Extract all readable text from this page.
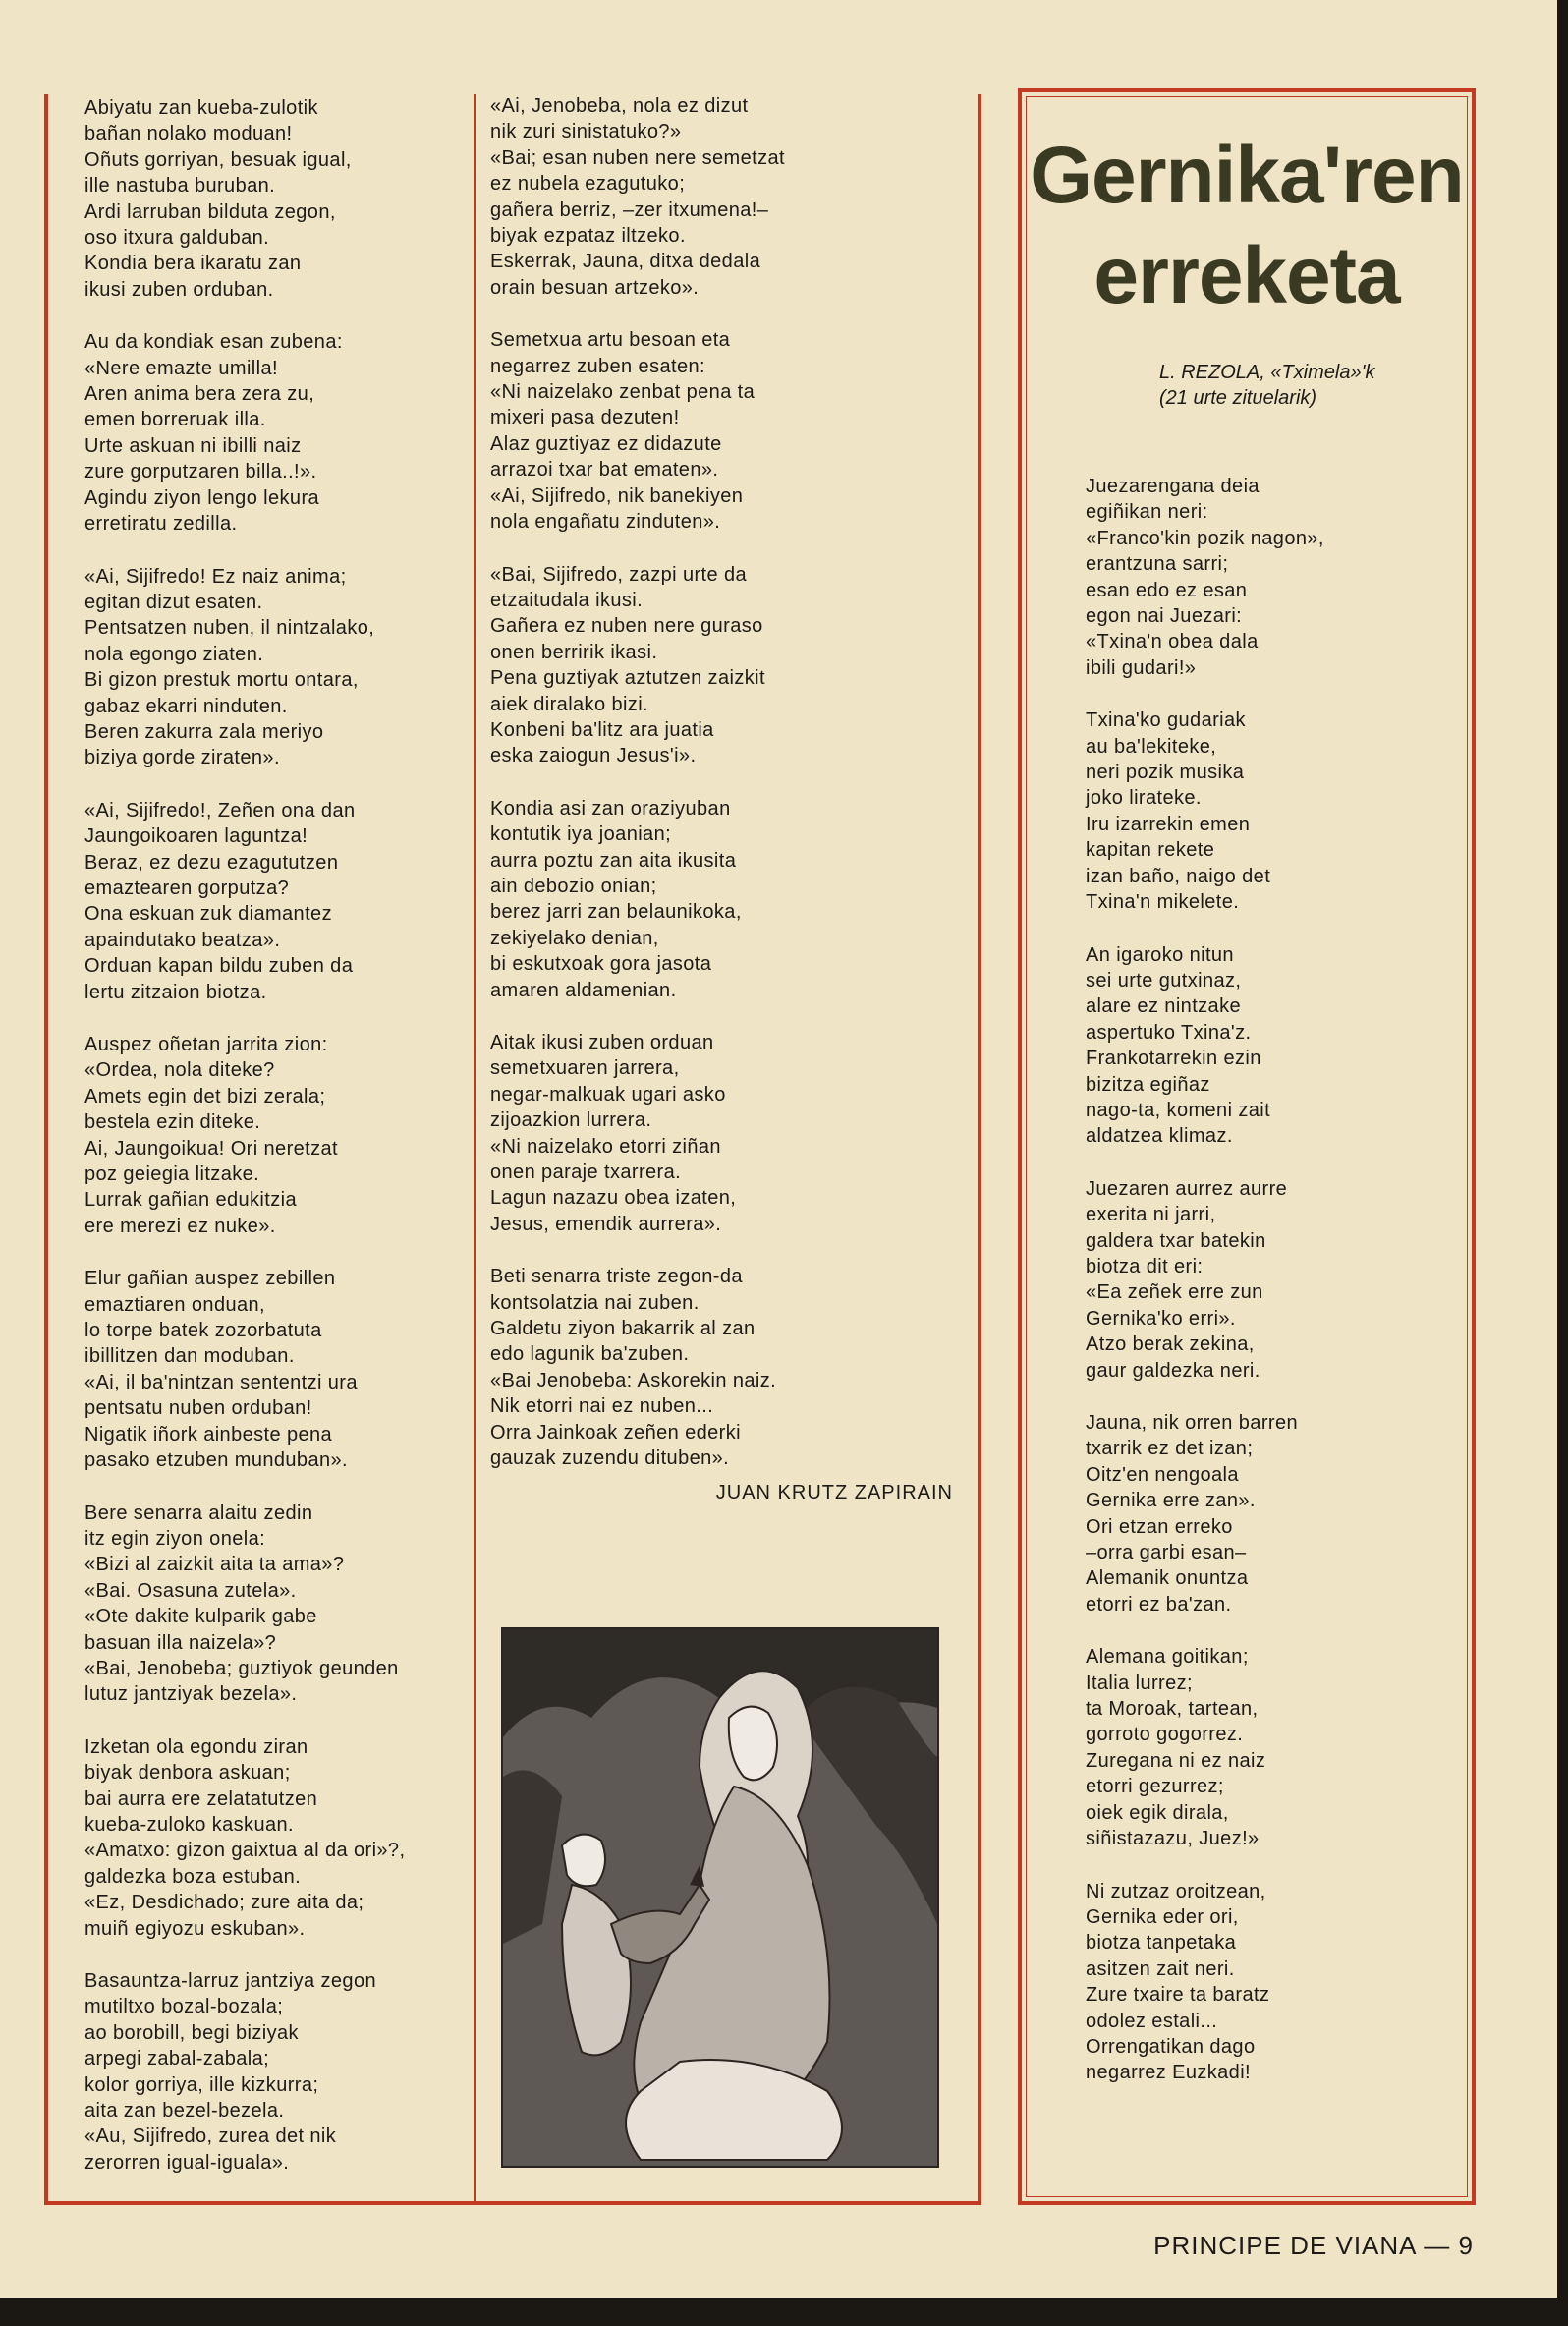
Abiyatu zan kueba-zulotik
bañan nolako moduan!
Oñuts gorriyan, besuak igual,
ille nastuba buruban.
Ardi larruban bilduta zegon,
oso itxura galduban.
Kondia bera ikaratu zan
ikusi zuben orduban.
Au da kondiak esan zubena:
«Nere emazte umilla!
Aren anima bera zera zu,
emen borreruak illa.
Urte askuan ni ibilli naiz
zure gorputzaren billa..!».
Agindu ziyon lengo lekura
erretiratu zedilla.
«Ai, Sijifredo! Ez naiz anima;
egitan dizut esaten.
Pentsatzen nuben, il nintzalako,
nola egongo ziaten.
Bi gizon prestuk mortu ontara,
gabaz ekarri ninduten.
Beren zakurra zala meriyo
biziya gorde ziraten».
«Ai, Sijifredo!, Zeñen ona dan
Jaungoikoaren laguntza!
Beraz, ez dezu ezagututzen
emaztearen gorputza?
Ona eskuan zuk diamantez
apaindutako beatza».
Orduan kapan bildu zuben da
lertu zitzaion biotza.
Auspez oñetan jarrita zion:
«Ordea, nola diteke?
Amets egin det bizi zerala;
bestela ezin diteke.
Ai, Jaungoikua! Ori neretzat
poz geiegia litzake.
Lurrak gañian edukitzia
ere merezi ez nuke».
Elur gañian auspez zebillen
emaztiaren onduan,
lo torpe batek zozorbatuta
ibillitzen dan moduban.
«Ai, il ba'nintzan sententzi ura
pentsatu nuben orduban!
Nigatik iñork ainbeste pena
pasako etzuben munduban».
Bere senarra alaitu zedin
itz egin ziyon onela:
«Bizi al zaizkit aita ta ama»?
«Bai. Osasuna zutela».
«Ote dakite kulparik gabe
basuan illa naizela»?
«Bai, Jenobeba; guztiyok geunden
lutuz jantziyak bezela».
Izketan ola egondu ziran
biyak denbora askuan;
bai aurra ere zelatatutzen
kueba-zuloko kaskuan.
«Amatxo: gizon gaixtua al da ori»?,
galdezka boza estuban.
«Ez, Desdichado; zure aita da;
muiñ egiyozu eskuban».
Basauntza-larruz jantziya zegon
mutiltxo bozal-bozala;
ao borobill, begi biziyak
arpegi zabal-zabala;
kolor gorriya, ille kizkurra;
aita zan bezel-bezela.
«Au, Sijifredo, zurea det nik
zerorren igual-iguala».
«Ai, Jenobeba, nola ez dizut
nik zuri sinistatuko?»
«Bai; esan nuben nere semetzat
ez nubela ezagutuko;
gañera berriz, –zer itxumena!–
biyak ezpataz iltzeko.
Eskerrak, Jauna, ditxa dedala
orain besuan artzeko».
Semetxua artu besoan eta
negarrez zuben esaten:
«Ni naizelako zenbat pena ta
mixeri pasa dezuten!
Alaz guztiyaz ez didazute
arrazoi txar bat ematen».
«Ai, Sijifredo, nik banekiyen
nola engañatu zinduten».
«Bai, Sijifredo, zazpi urte da
etzaitudala ikusi.
Gañera ez nuben nere guraso
onen berririk ikasi.
Pena guztiyak aztutzen zaizkit
aiek diralako bizi.
Konbeni ba'litz ara juatia
eska zaiogun Jesus'i».
Kondia asi zan oraziyuban
kontutik iya joanian;
aurra poztu zan aita ikusita
ain debozio onian;
berez jarri zan belaunikoka,
zekiyelako denian,
bi eskutxoak gora jasota
amaren aldamenian.
Aitak ikusi zuben orduan
semetxuaren jarrera,
negar-malkuak ugari asko
zijoazkion lurrera.
«Ni naizelako etorri ziñan
onen paraje txarrera.
Lagun nazazu obea izaten,
Jesus, emendik aurrera».
Beti senarra triste zegon-da
kontsolatzia nai zuben.
Galdetu ziyon bakarrik al zan
edo lagunik ba'zuben.
«Bai Jenobeba: Askorekin naiz.
Nik etorri nai ez nuben...
Orra Jainkoak zeñen ederki
gauzak zuzendu dituben».
JUAN KRUTZ ZAPIRAIN
Gernika'ren
erreketa
L. REZOLA, «Tximela»'k
(21 urte zituelarik)
Juezarengana deia
egiñikan neri:
«Franco'kin pozik nagon»,
erantzuna sarri;
esan edo ez esan
egon nai Juezari:
«Txina'n obea dala
ibili gudari!»
Txina'ko gudariak
au ba'lekiteke,
neri pozik musika
joko lirateke.
Iru izarrekin emen
kapitan rekete
izan baño, naigo det
Txina'n mikelete.
An igaroko nitun
sei urte gutxinaz,
alare ez nintzake
aspertuko Txina'z.
Frankotarrekin ezin
bizitza egiñaz
nago-ta, komeni zait
aldatzea klimaz.
Juezaren aurrez aurre
exerita ni jarri,
galdera txar batekin
biotza dit eri:
«Ea zeñek erre zun
Gernika'ko erri».
Atzo berak zekina,
gaur galdezka neri.
Jauna, nik orren barren
txarrik ez det izan;
Oitz'en nengoala
Gernika erre zan».
Ori etzan erreko
–orra garbi esan–
Alemanik onuntza
etorri ez ba'zan.
Alemana goitikan;
Italia lurrez;
ta Moroak, tartean,
gorroto gogorrez.
Zuregana ni ez naiz
etorri gezurrez;
oiek egik dirala,
siñistazazu, Juez!»
Ni zutzaz oroitzean,
Gernika eder ori,
biotza tanpetaka
asitzen zait neri.
Zure txaire ta baratz
odolez estali...
Orrengatikan dago
negarrez Euzkadi!
PRINCIPE DE VIANA — 9
